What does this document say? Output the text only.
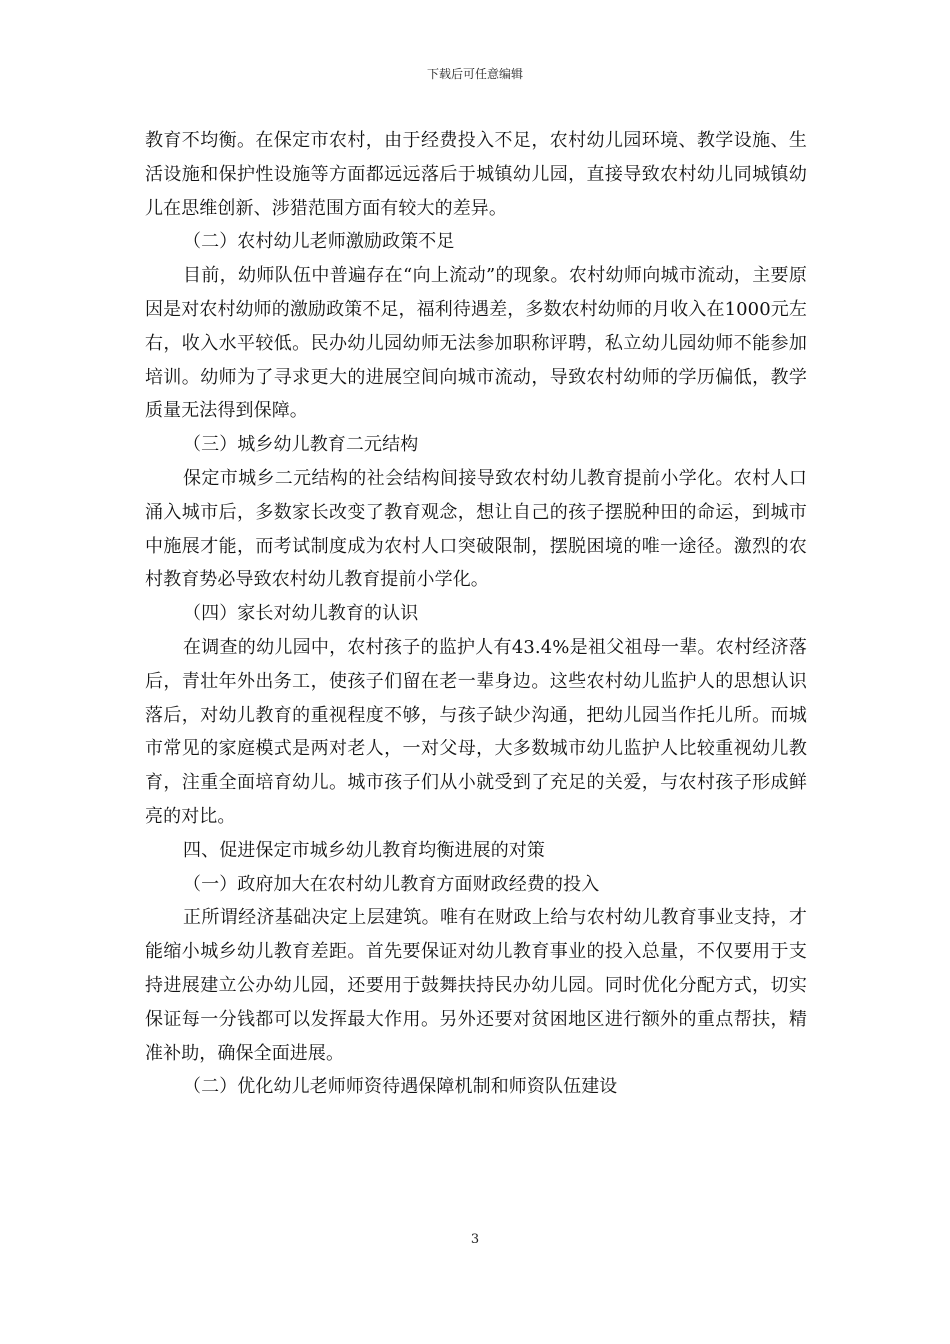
下载后可任意编辑

教育不均衡。在保定市农村，由于经费投入不足，农村幼儿园环境、教学设施、生活设施和保护性设施等方面都远远落后于城镇幼儿园，直接导致农村幼儿同城镇幼儿在思维创新、涉猎范围方面有较大的差异。

（二）农村幼儿老师激励政策不足

目前，幼师队伍中普遍存在“向上流动”的现象。农村幼师向城市流动，主要原因是对农村幼师的激励政策不足，福利待遇差，多数农村幼师的月收入在1000元左右，收入水平较低。民办幼儿园幼师无法参加职称评聘，私立幼儿园幼师不能参加培训。幼师为了寻求更大的进展空间向城市流动，导致农村幼师的学历偏低，教学质量无法得到保障。

（三）城乡幼儿教育二元结构

保定市城乡二元结构的社会结构间接导致农村幼儿教育提前小学化。农村人口涌入城市后，多数家长改变了教育观念，想让自己的孩子摆脱种田的命运，到城市中施展才能，而考试制度成为农村人口突破限制，摆脱困境的唯一途径。激烈的农村教育势必导致农村幼儿教育提前小学化。

（四）家长对幼儿教育的认识

在调查的幼儿园中，农村孩子的监护人有43.4%是祖父祖母一辈。农村经济落后，青壮年外出务工，使孩子们留在老一辈身边。这些农村幼儿监护人的思想认识落后，对幼儿教育的重视程度不够，与孩子缺少沟通，把幼儿园当作托儿所。而城市常见的家庭模式是两对老人，一对父母，大多数城市幼儿监护人比较重视幼儿教育，注重全面培育幼儿。城市孩子们从小就受到了充足的关爱，与农村孩子形成鲜亮的对比。

四、促进保定市城乡幼儿教育均衡进展的对策

（一）政府加大在农村幼儿教育方面财政经费的投入

正所谓经济基础决定上层建筑。唯有在财政上给与农村幼儿教育事业支持，才能缩小城乡幼儿教育差距。首先要保证对幼儿教育事业的投入总量，不仅要用于支持进展建立公办幼儿园，还要用于鼓舞扶持民办幼儿园。同时优化分配方式，切实保证每一分钱都可以发挥最大作用。另外还要对贫困地区进行额外的重点帮扶，精准补助，确保全面进展。

（二）优化幼儿老师师资待遇保障机制和师资队伍建设

3
